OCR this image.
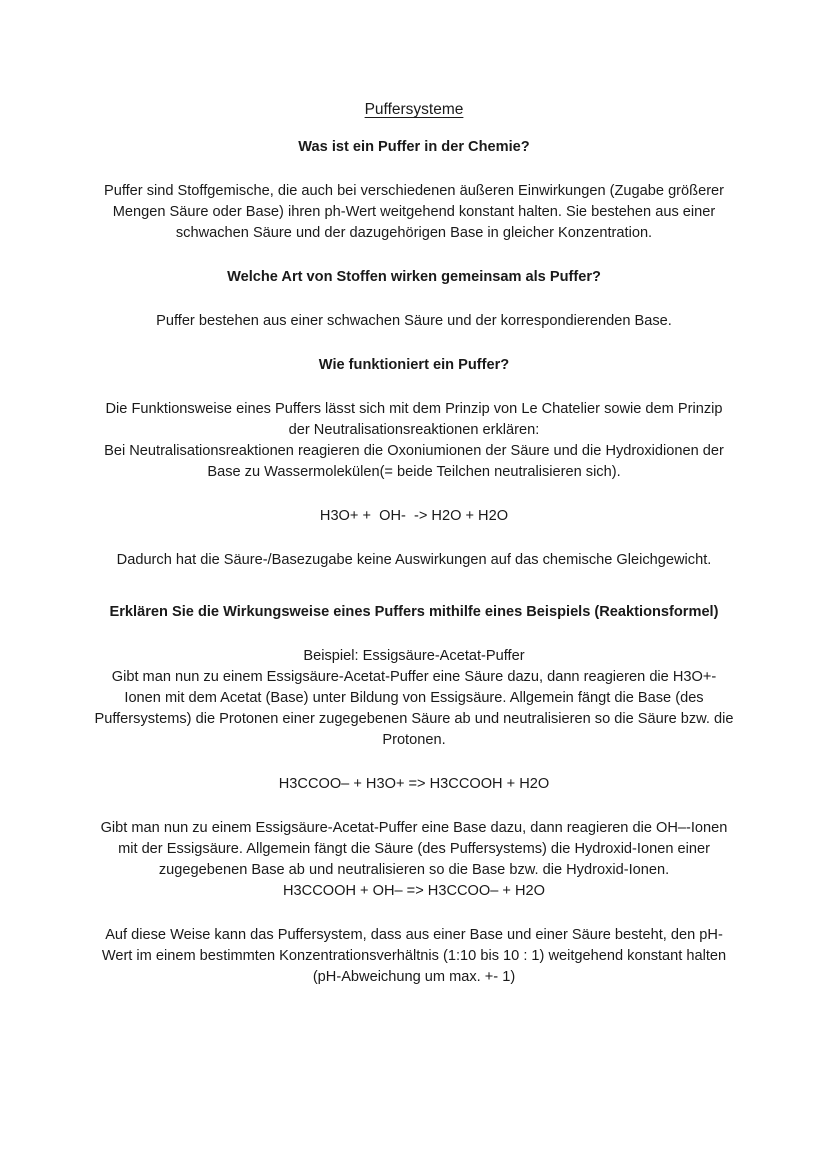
Puffersysteme
Was ist ein Puffer in der Chemie?
Puffer sind Stoffgemische, die auch bei verschiedenen äußeren Einwirkungen (Zugabe größerer
Mengen Säure oder Base) ihren ph-Wert weitgehend konstant halten. Sie bestehen aus einer
schwachen Säure und der dazugehörigen Base in gleicher Konzentration.
Welche Art von Stoffen wirken gemeinsam als Puffer?
Puffer bestehen aus einer schwachen Säure und der korrespondierenden Base.
Wie funktioniert ein Puffer?
Die Funktionsweise eines Puffers lässt sich mit dem Prinzip von Le Chatelier sowie dem Prinzip
der Neutralisationsreaktionen erklären:
Bei Neutralisationsreaktionen reagieren die Oxoniumionen der Säure und die Hydroxidionen der
Base zu Wassermolekülen(= beide Teilchen neutralisieren sich).
H3O+ +  OH-  -> H2O + H2O
Dadurch hat die Säure-/Basezugabe keine Auswirkungen auf das chemische Gleichgewicht.
Erklären Sie die Wirkungsweise eines Puffers mithilfe eines Beispiels (Reaktionsformel)
Beispiel: Essigsäure-Acetat-Puffer
Gibt man nun zu einem Essigsäure-Acetat-Puffer eine Säure dazu, dann reagieren die H3O+-
Ionen mit dem Acetat (Base) unter Bildung von Essigsäure. Allgemein fängt die Base (des
Puffersystems) die Protonen einer zugegebenen Säure ab und neutralisieren so die Säure bzw. die
Protonen.
H3CCOO– + H3O+ => H3CCOOH + H2O
Gibt man nun zu einem Essigsäure-Acetat-Puffer eine Base dazu, dann reagieren die OH–-Ionen
mit der Essigsäure. Allgemein fängt die Säure (des Puffersystems) die Hydroxid-Ionen einer
zugegebenen Base ab und neutralisieren so die Base bzw. die Hydroxid-Ionen.
H3CCOOH + OH– => H3CCOO– + H2O
Auf diese Weise kann das Puffersystem, dass aus einer Base und einer Säure besteht, den pH-
Wert im einem bestimmten Konzentrationsverhältnis (1:10 bis 10 : 1) weitgehend konstant halten
(pH-Abweichung um max. +- 1)
